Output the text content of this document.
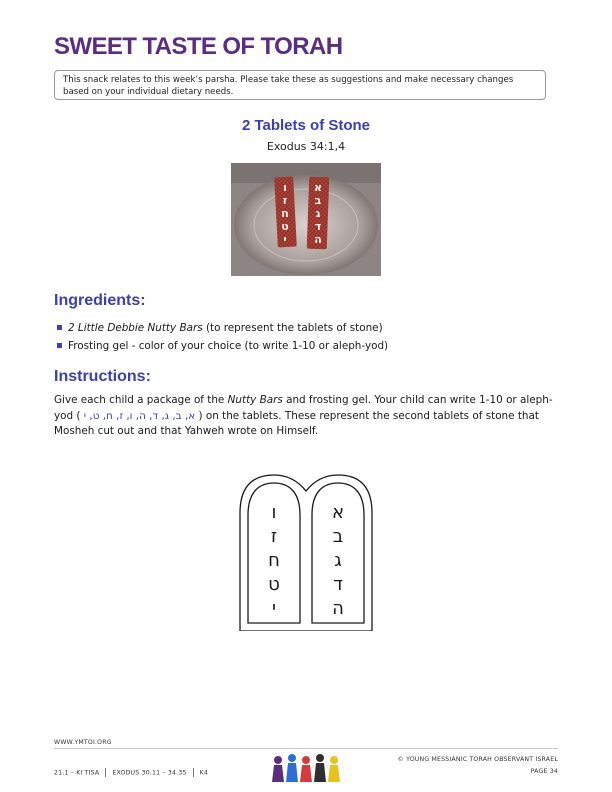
SWEET TASTE OF TORAH
This snack relates to this week’s parsha. Please take these as suggestions and make necessary changes based on your individual dietary needs.
2 Tablets of Stone
Exodus 34:1,4
ו
ז
ח
ט
י
א
ב
ג
ד
ה
Ingredients:
▪ 2 Little Debbie Nutty Bars (to represent the tablets of stone)
▪ Frosting gel - color of your choice (to write 1-10 or aleph-yod)
Instructions:
Give each child a package of the Nutty Bars and frosting gel. Your child can write 1-10 or aleph-yod ( א, ב, ג, ד, ה, ו, ז, ח, ט, י ) on the tablets. These represent the second tablets of stone that Mosheh cut out and that Yahweh wrote on Himself.
ו
ז
ח
ט
י
א
ב
ג
ד
ה
WWW.YMTOI.ORG
21.1 – KI TISA EXODUS 30.11 – 34.35 K4
© YOUNG MESSIANIC TORAH OBSERVANT ISRAEL
PAGE 34
